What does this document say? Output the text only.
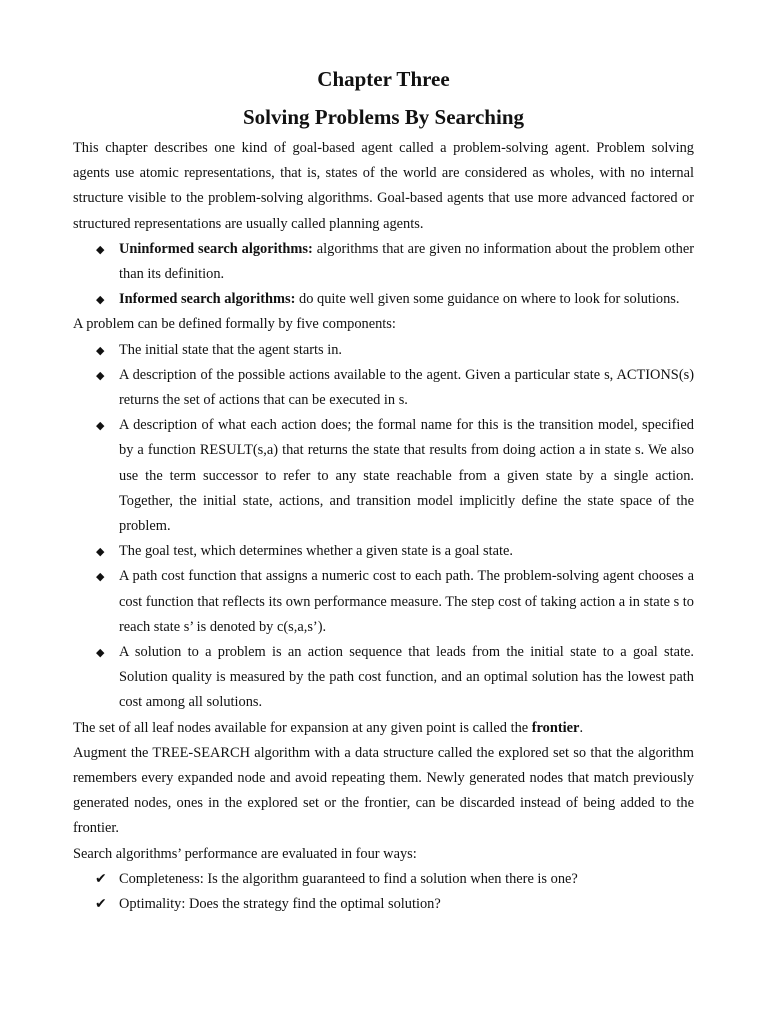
Chapter Three
Solving Problems By Searching

This chapter describes one kind of goal-based agent called a problem-solving agent. Problem solving agents use atomic representations, that is, states of the world are considered as wholes, with no internal structure visible to the problem-solving algorithms. Goal-based agents that use more advanced factored or structured representations are usually called planning agents.

◆	Uninformed search algorithms: algorithms that are given no information about the problem other than its definition.
◆	Informed search algorithms: do quite well given some guidance on where to look for solutions.

A problem can be defined formally by five components:

◆	The initial state that the agent starts in.
◆	A description of the possible actions available to the agent. Given a particular state s, ACTIONS(s) returns the set of actions that can be executed in s.
◆	A description of what each action does; the formal name for this is the transition model, specified by a function RESULT(s,a) that returns the state that results from doing action a in state s. We also use the term successor to refer to any state reachable from a given state by a single action. Together, the initial state, actions, and transition model implicitly define the state space of the problem.
◆	The goal test, which determines whether a given state is a goal state.
◆	A path cost function that assigns a numeric cost to each path. The problem-solving agent chooses a cost function that reflects its own performance measure. The step cost of taking action a in state s to reach state s’ is denoted by c(s,a,s’).
◆	A solution to a problem is an action sequence that leads from the initial state to a goal state. Solution quality is measured by the path cost function, and an optimal solution has the lowest path cost among all solutions.

The set of all leaf nodes available for expansion at any given point is called the frontier.

Augment the TREE-SEARCH algorithm with a data structure called the explored set so that the algorithm remembers every expanded node and avoid repeating them. Newly generated nodes that match previously generated nodes, ones in the explored set or the frontier, can be discarded instead of being added to the frontier.

Search algorithms’ performance are evaluated in four ways:

✔ Completeness: Is the algorithm guaranteed to find a solution when there is one?
✔ Optimality: Does the strategy find the optimal solution?
